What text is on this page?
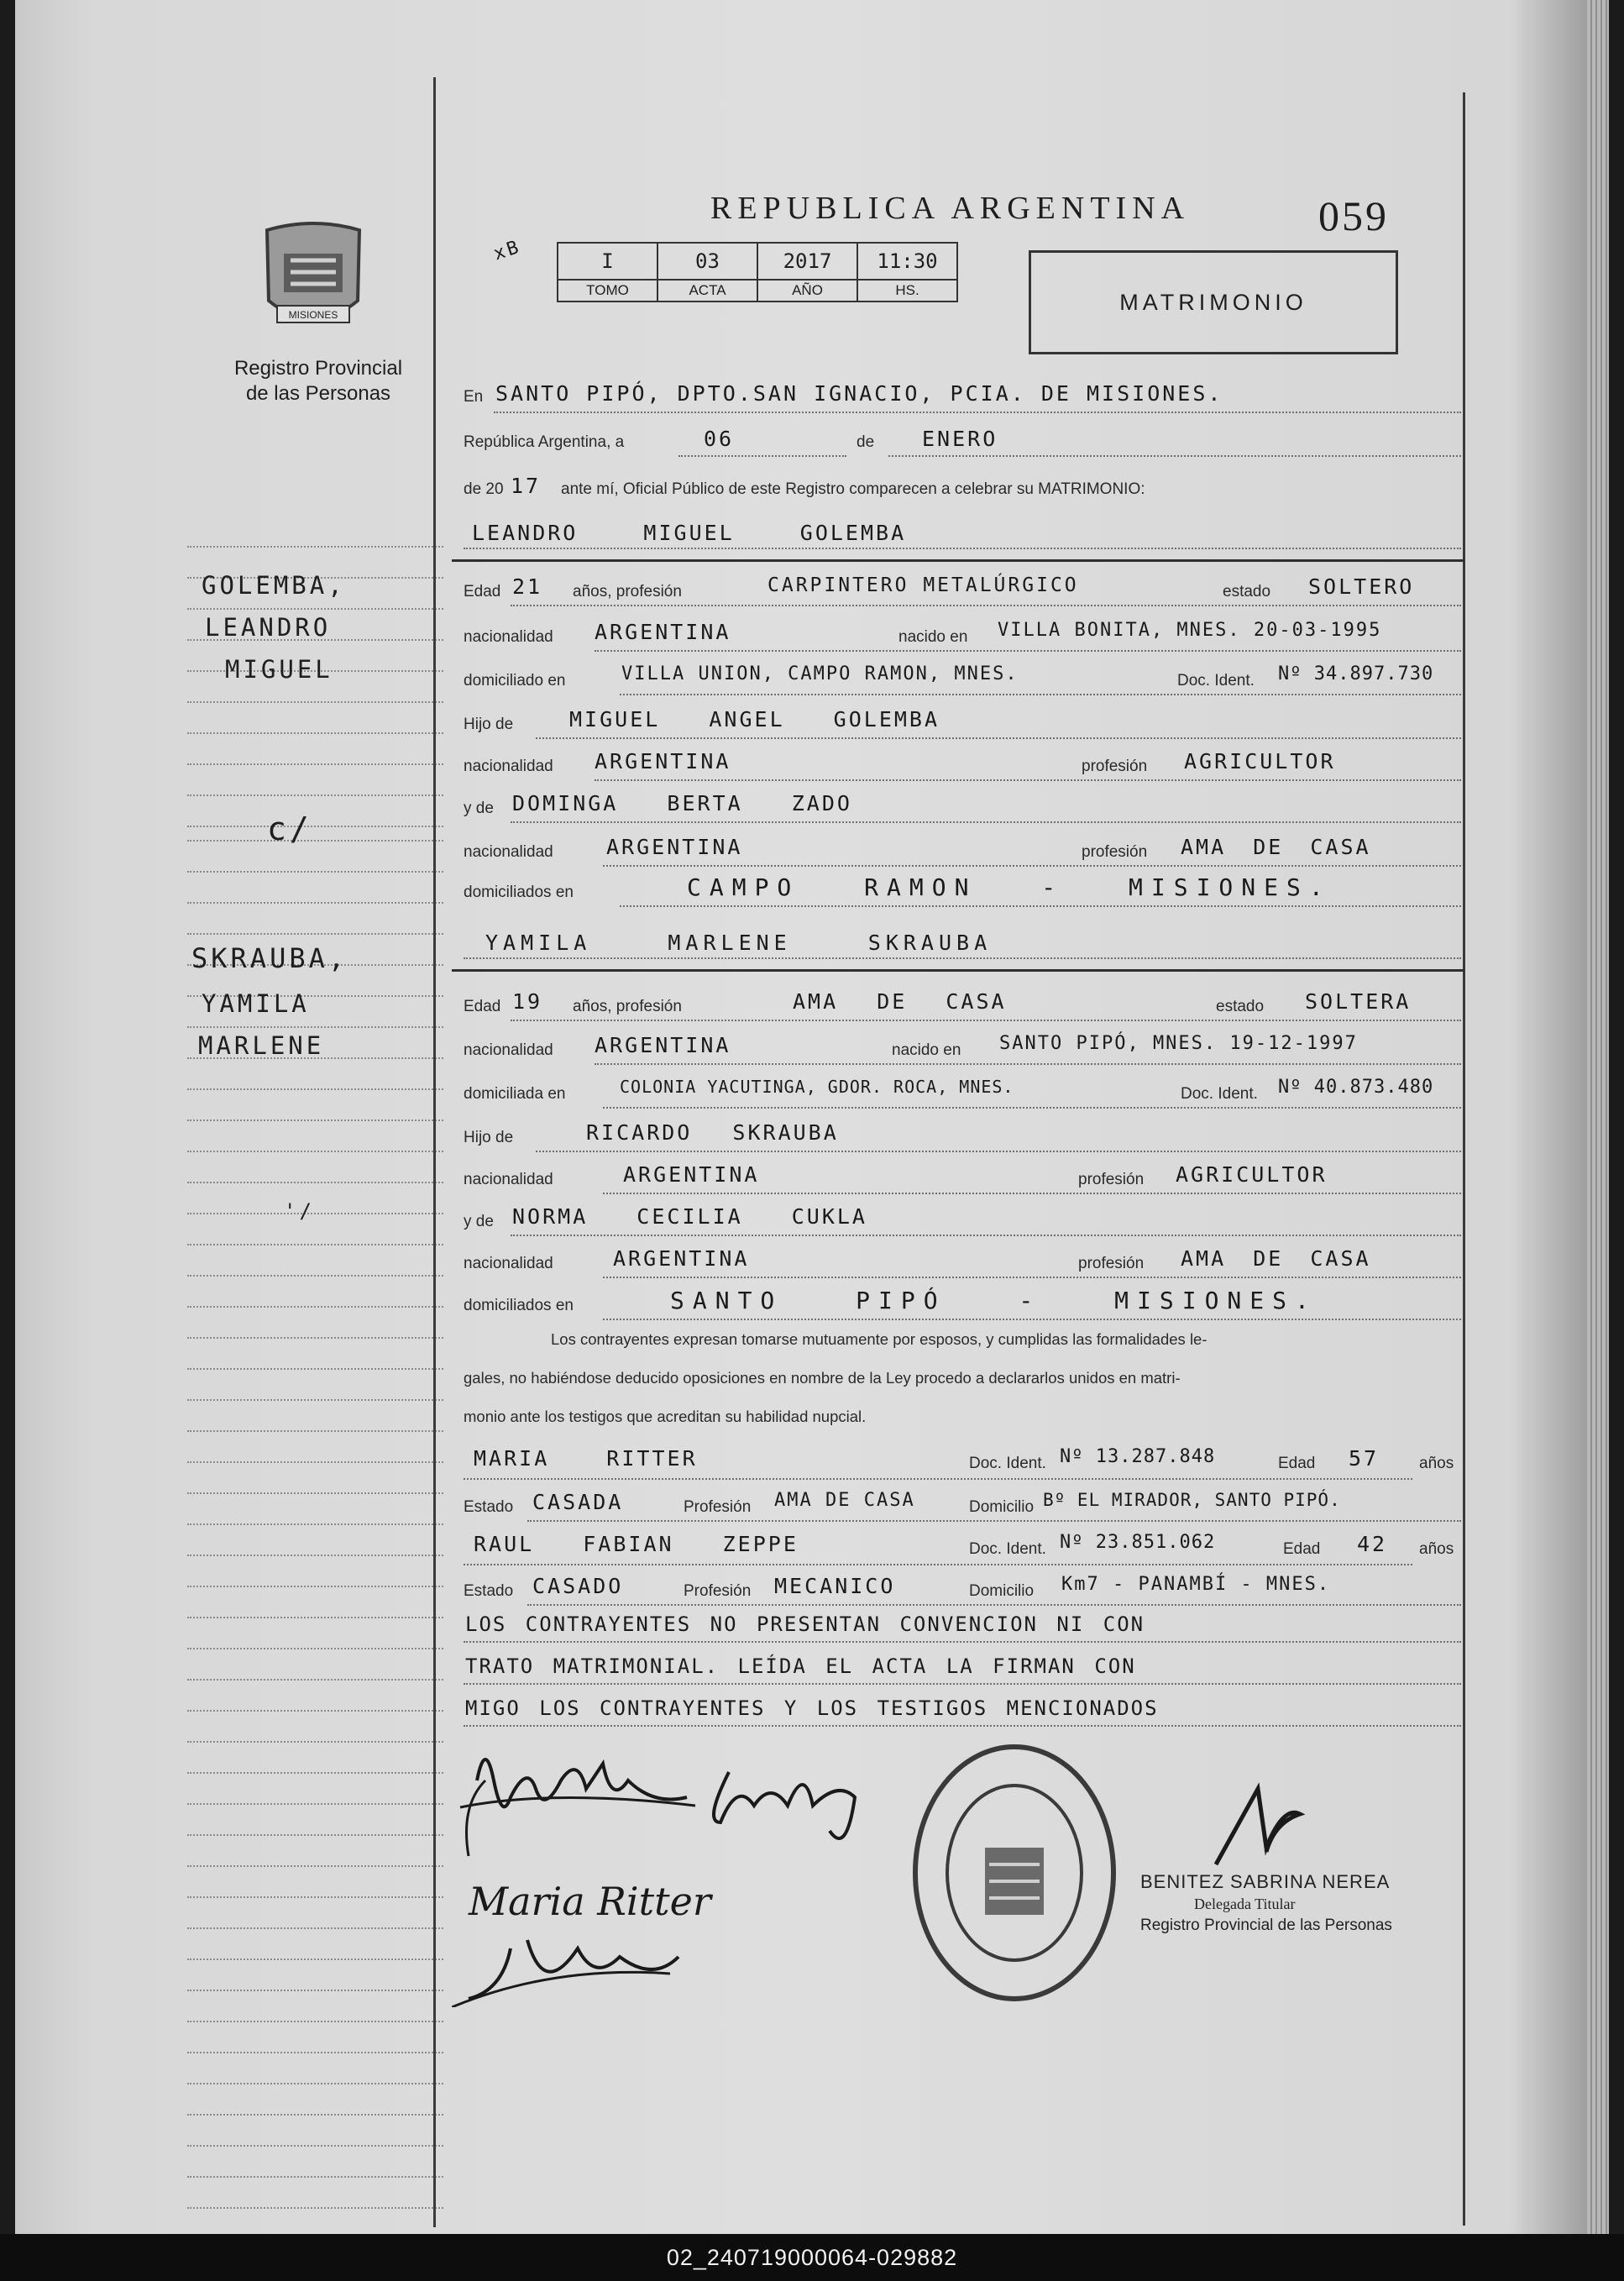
REPUBLICA ARGENTINA	059
xB	I	03	2017	11:30
TOMO	ACTA	AÑO	HS.	MATRIMONIO
MISIONES
Registro Provincial
de las Personas
GOLEMBA,
LEANDRO
MIGUEL
c/
SKRAUBA,
YAMILA
MARLENE
'/
En SANTO PIPÓ, DPTO.SAN IGNACIO, PCIA. DE MISIONES.
República Argentina, a	06	de ENERO
de 20 17 ante mí, Oficial Público de este Registro comparecen a celebrar su MATRIMONIO:
LEANDRO MIGUEL GOLEMBA
Edad 21 años, profesión	CARPINTERO METALÚRGICO	estado SOLTERO
nacionalidad ARGENTINA	nacido en VILLA BONITA, MNES. 20-03-1995
domiciliado en	VILLA UNION, CAMPO RAMON, MNES.	Doc. Ident. Nº 34.897.730
Hijo de	MIGUEL ANGEL GOLEMBA
nacionalidad ARGENTINA	profesión AGRICULTOR
y de DOMINGA BERTA ZADO
nacionalidad	ARGENTINA	profesión AMA DE CASA
domiciliados en	CAMPO RAMON - MISIONES.
YAMILA MARLENE SKRAUBA
Edad 19 años, profesión	AMA DE CASA	estado SOLTERA
nacionalidad ARGENTINA	nacido en SANTO PIPÓ, MNES. 19-12-1997
domiciliada en	COLONIA YACUTINGA, GDOR. ROCA, MNES.	Doc. Ident. Nº 40.873.480
Hijo de	RICARDO SKRAUBA
nacionalidad	ARGENTINA	profesión AGRICULTOR
y de NORMA CECILIA CUKLA
nacionalidad	ARGENTINA	profesión AMA DE CASA
domiciliados en	SANTO PIPÓ - MISIONES.
Los contrayentes expresan tomarse mutuamente por esposos, y cumplidas las formalidades le-
gales, no habiéndose deducido oposiciones en nombre de la Ley procedo a declararlos unidos en matri-
monio ante los testigos que acreditan su habilidad nupcial.
MARIA RITTER	Doc. Ident. Nº 13.287.848	Edad 57	años
Estado CASADA	Profesión AMA DE CASA	Domicilio Bº EL MIRADOR, SANTO PIPÓ.
RAUL FABIAN ZEPPE	Doc. Ident. Nº 23.851.062	Edad 42 años
Estado CASADO	Profesión MECANICO	Domicilio Km7 - PANAMBÍ - MNES.
LOS CONTRAYENTES NO PRESENTAN CONVENCION NI CON
TRATO MATRIMONIAL. LEÍDA EL ACTA LA FIRMAN CON
MIGO LOS CONTRAYENTES Y LOS TESTIGOS MENCIONADOS
Maria Ritter	BENITEZ SABRINA NEREA
Delegada Titular
Registro Provincial de las Personas
02_240719000064-029882
